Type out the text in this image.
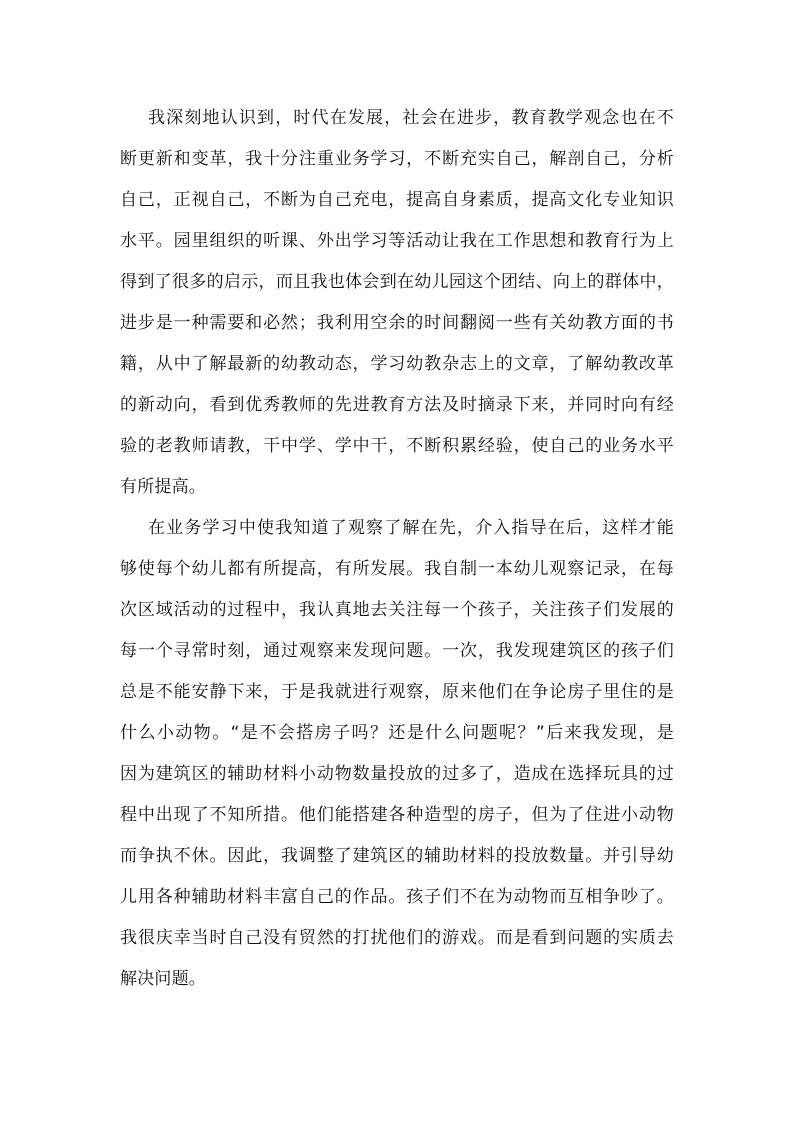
我深刻地认识到，时代在发展，社会在进步，教育教学观念也在不
断更新和变革，我十分注重业务学习，不断充实自己，解剖自己，分析
自己，正视自己，不断为自己充电，提高自身素质，提高文化专业知识
水平。园里组织的听课、外出学习等活动让我在工作思想和教育行为上
得到了很多的启示，而且我也体会到在幼儿园这个团结、向上的群体中，
进步是一种需要和必然；我利用空余的时间翻阅一些有关幼教方面的书
籍，从中了解最新的幼教动态，学习幼教杂志上的文章，了解幼教改革
的新动向，看到优秀教师的先进教育方法及时摘录下来，并同时向有经
验的老教师请教，干中学、学中干，不断积累经验，使自己的业务水平
有所提高。
在业务学习中使我知道了观察了解在先，介入指导在后，这样才能
够使每个幼儿都有所提高，有所发展。我自制一本幼儿观察记录，在每
次区域活动的过程中，我认真地去关注每一个孩子，关注孩子们发展的
每一个寻常时刻，通过观察来发现问题。一次，我发现建筑区的孩子们
总是不能安静下来，于是我就进行观察，原来他们在争论房子里住的是
什么小动物。“是不会搭房子吗？还是什么问题呢？”后来我发现，是
因为建筑区的辅助材料小动物数量投放的过多了，造成在选择玩具的过
程中出现了不知所措。他们能搭建各种造型的房子，但为了住进小动物
而争执不休。因此，我调整了建筑区的辅助材料的投放数量。并引导幼
儿用各种辅助材料丰富自己的作品。孩子们不在为动物而互相争吵了。
我很庆幸当时自己没有贸然的打扰他们的游戏。而是看到问题的实质去
解决问题。
